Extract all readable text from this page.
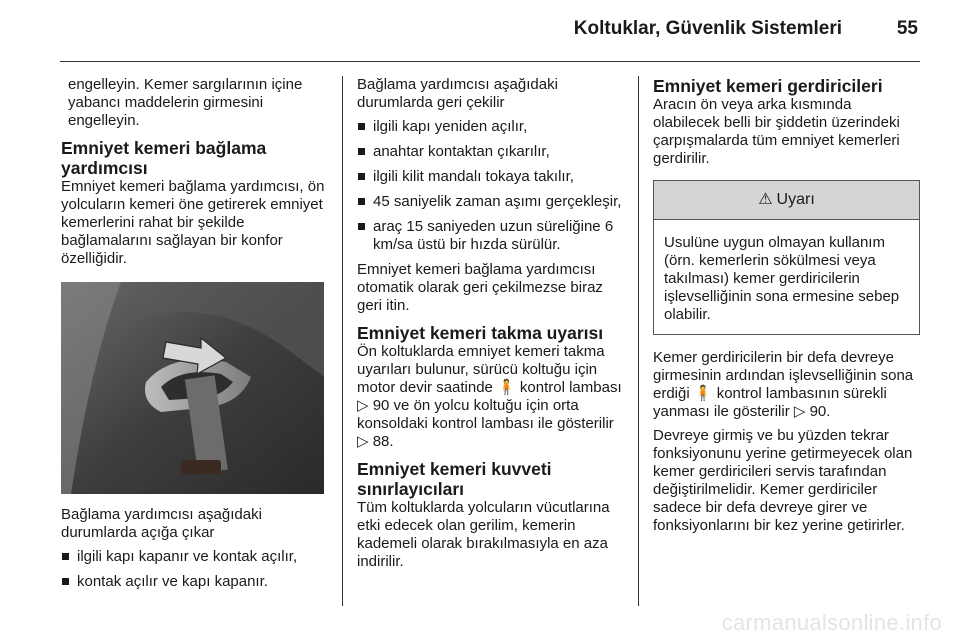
Koltuklar, Güvenlik Sistemleri	55

engelleyin. Kemer sargılarının içine yabancı maddelerin girmesini engelleyin.

Emniyet kemeri bağlama yardımcısı

Emniyet kemeri bağlama yardımcısı, ön yolcuların kemeri öne getirerek emniyet kemerlerini rahat bir şekilde bağlamalarını sağlayan bir konfor özelliğidir.

Bağlama yardımcısı aşağıdaki durumlarda açığa çıkar

ilgili kapı kapanır ve kontak açılır,
kontak açılır ve kapı kapanır.

Bağlama yardımcısı aşağıdaki durumlarda geri çekilir

ilgili kapı yeniden açılır,
anahtar kontaktan çıkarılır,
ilgili kilit mandalı tokaya takılır,
45 saniyelik zaman aşımı gerçekleşir,
araç 15 saniyeden uzun süreliğine 6 km/sa üstü bir hızda sürülür.

Emniyet kemeri bağlama yardımcısı otomatik olarak geri çekilmezse biraz geri itin.

Emniyet kemeri takma uyarısı

Ön koltuklarda emniyet kemeri takma uyarıları bulunur, sürücü koltuğu için motor devir saatinde 🧍 kontrol lambası ▷ 90 ve ön yolcu koltuğu için orta konsoldaki kontrol lambası ile gösterilir ▷ 88.

Emniyet kemeri kuvveti sınırlayıcıları

Tüm koltuklarda yolcuların vücutlarına etki edecek olan gerilim, kemerin kademeli olarak bırakılmasıyla en aza indirilir.

Emniyet kemeri gerdiricileri

Aracın ön veya arka kısmında olabilecek belli bir şiddetin üzerindeki çarpışmalarda tüm emniyet kemerleri gerdirilir.

⚠ Uyarı
Usulüne uygun olmayan kullanım (örn. kemerlerin sökülmesi veya takılması) kemer gerdiricilerin işlevselliğinin sona ermesine sebep olabilir.

Kemer gerdiricilerin bir defa devreye girmesinin ardından işlevselliğinin sona erdiği 🧍 kontrol lambasının sürekli yanması ile gösterilir ▷ 90.

Devreye girmiş ve bu yüzden tekrar fonksiyonunu yerine getirmeyecek olan kemer gerdiricileri servis tarafından değiştirilmelidir. Kemer gerdiriciler sadece bir defa devreye girer ve fonksiyonlarını bir kez yerine getirirler.

carmanualsonline.info
